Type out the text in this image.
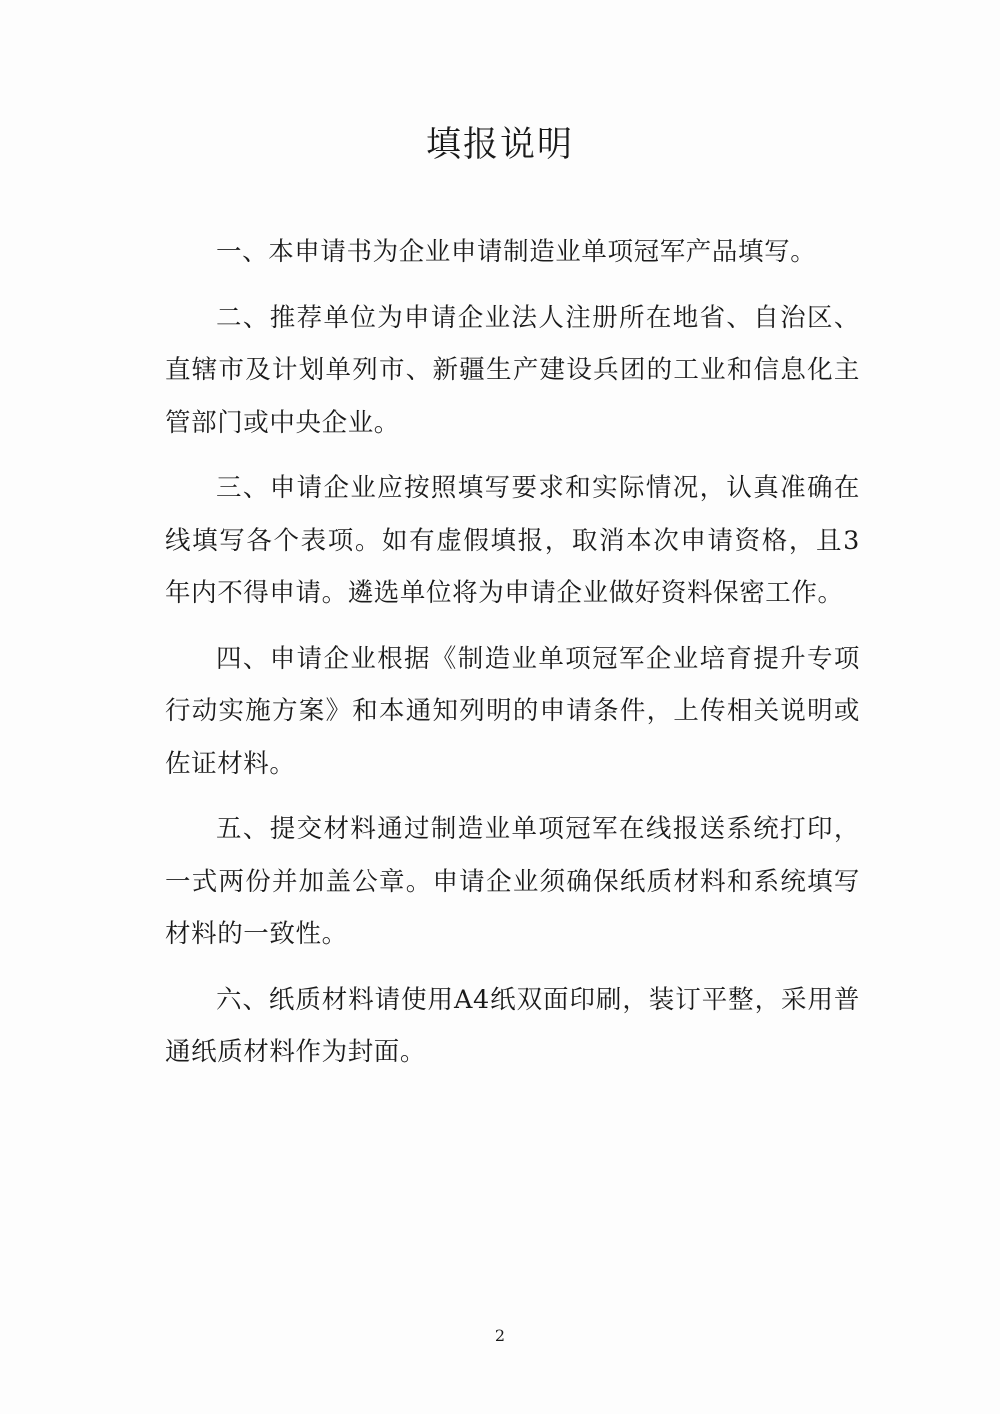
填报说明

一、本申请书为企业申请制造业单项冠军产品填写。

二、推荐单位为申请企业法人注册所在地省、自治区、直辖市及计划单列市、新疆生产建设兵团的工业和信息化主管部门或中央企业。

三、申请企业应按照填写要求和实际情况，认真准确在线填写各个表项。如有虚假填报，取消本次申请资格，且3年内不得申请。遴选单位将为申请企业做好资料保密工作。

四、申请企业根据《制造业单项冠军企业培育提升专项行动实施方案》和本通知列明的申请条件，上传相关说明或佐证材料。

五、提交材料通过制造业单项冠军在线报送系统打印，一式两份并加盖公章。申请企业须确保纸质材料和系统填写材料的一致性。

六、纸质材料请使用A4纸双面印刷，装订平整，采用普通纸质材料作为封面。

2
